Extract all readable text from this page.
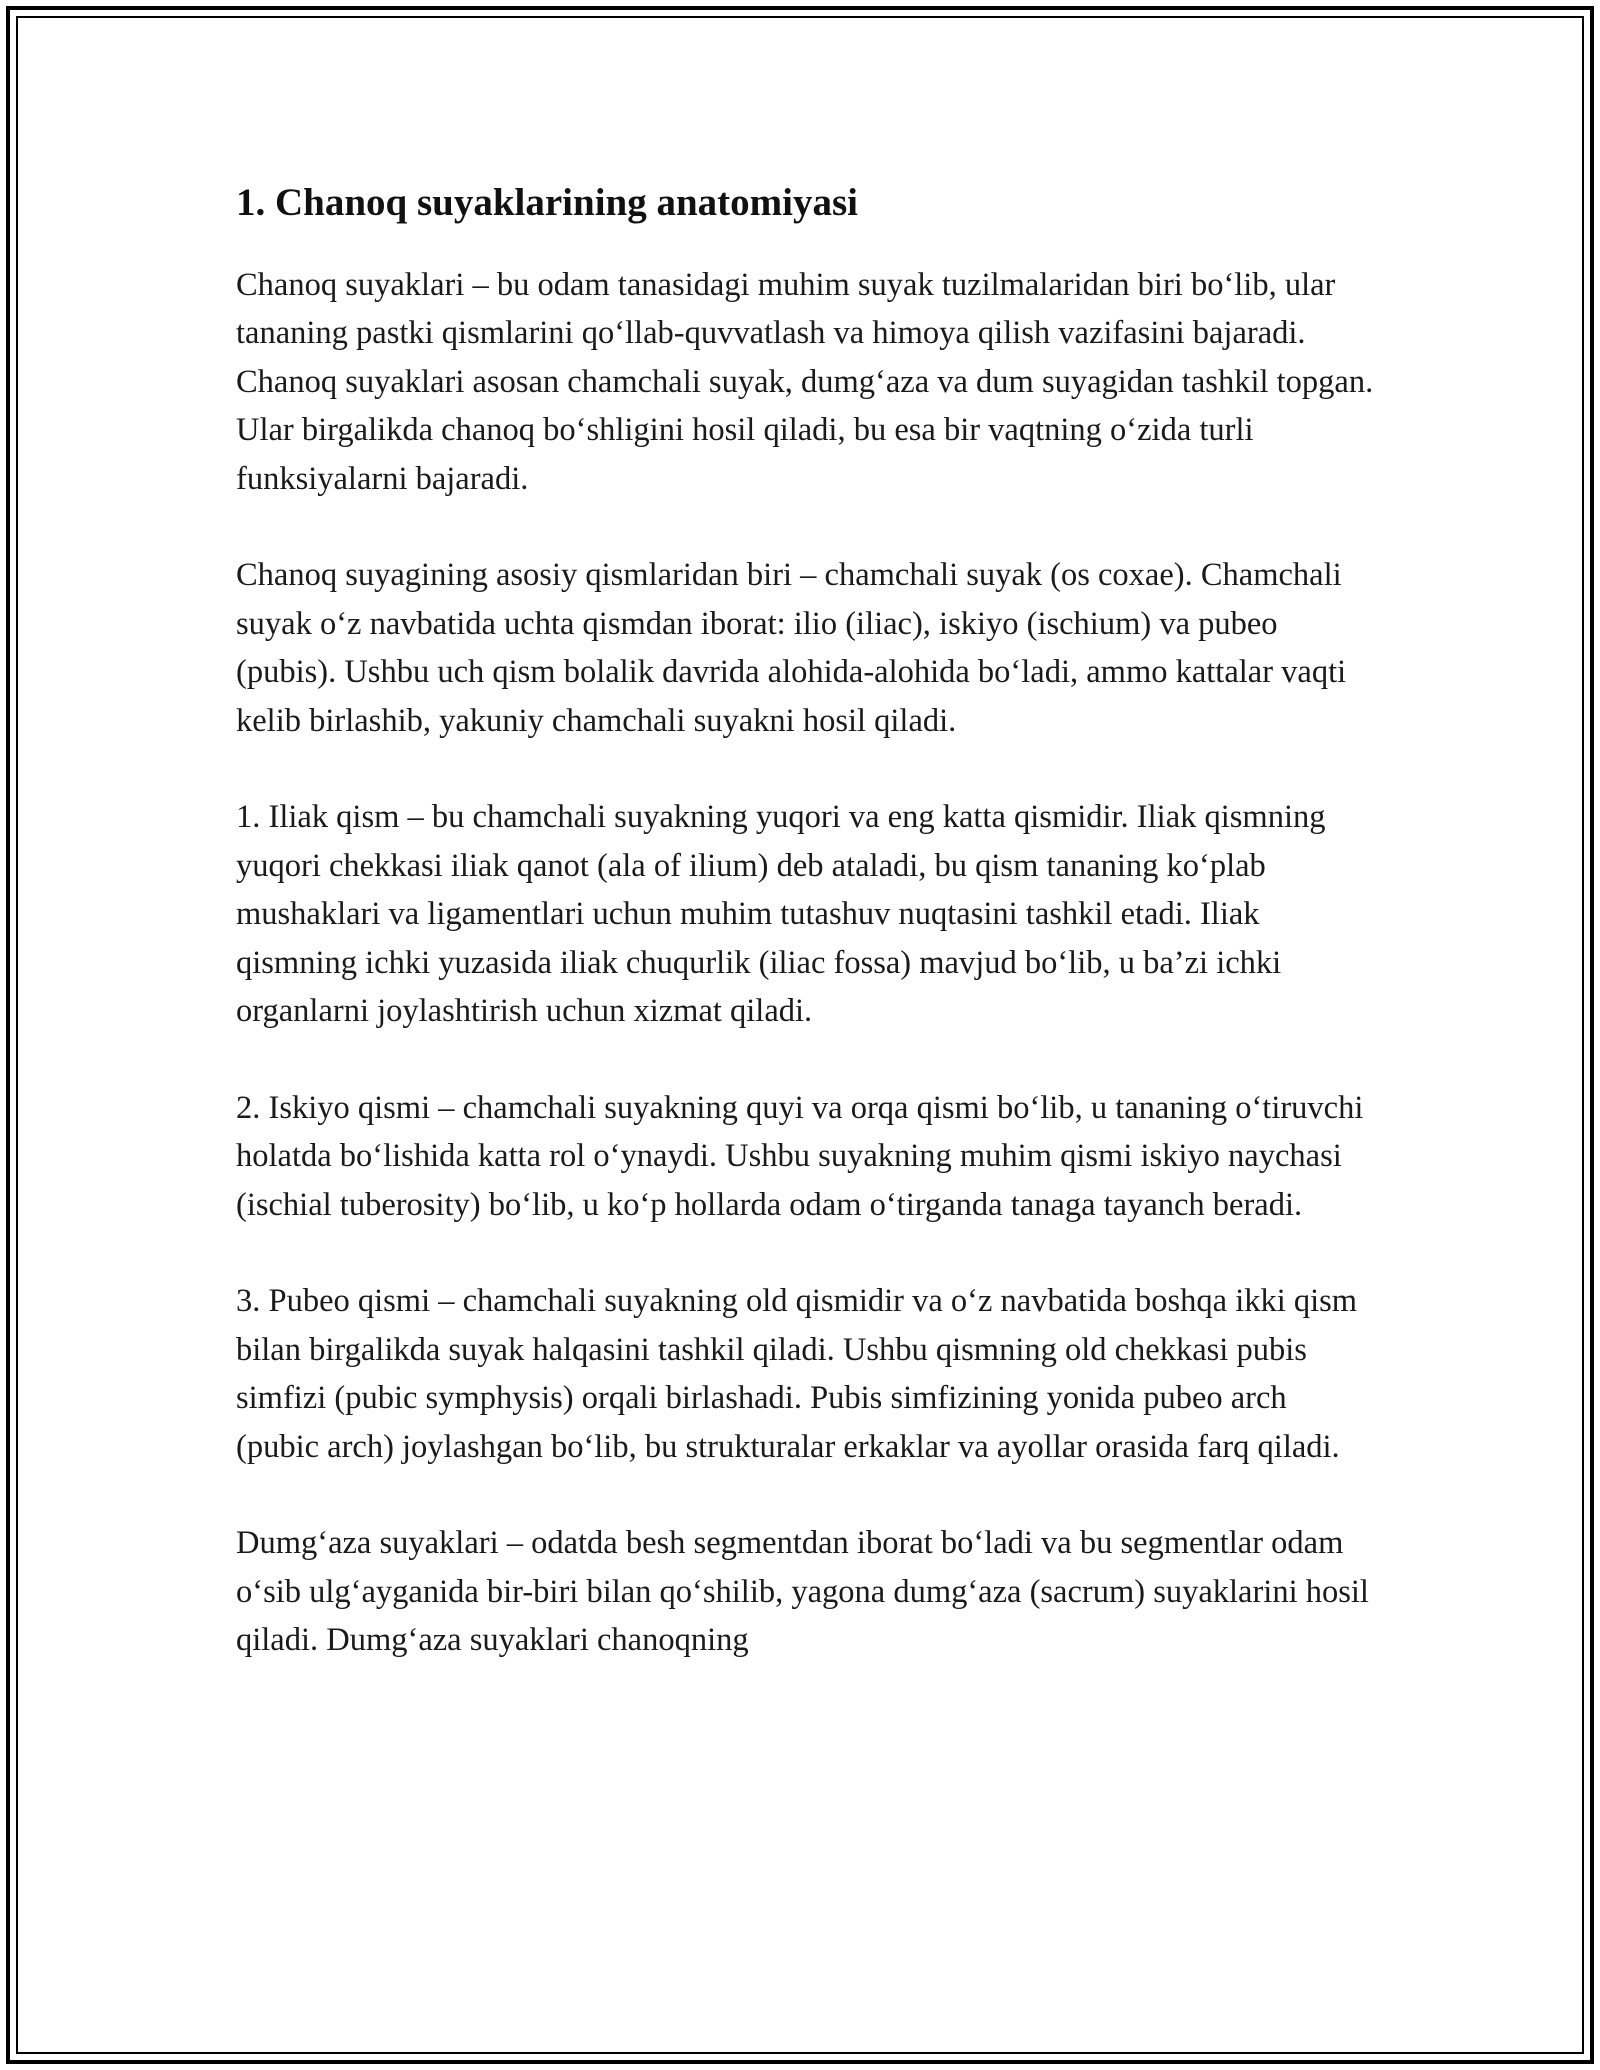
1. Chanoq suyaklarining anatomiyasi

Chanoq suyaklari – bu odam tanasidagi muhim suyak tuzilmalaridan biri bo‘lib, ular tananing pastki qismlarini qo‘llab-quvvatlash va himoya qilish vazifasini bajaradi. Chanoq suyaklari asosan chamchali suyak, dumg‘aza va dum suyagidan tashkil topgan. Ular birgalikda chanoq bo‘shligini hosil qiladi, bu esa bir vaqtning o‘zida turli funksiyalarni bajaradi.

Chanoq suyagining asosiy qismlaridan biri – chamchali suyak (os coxae). Chamchali suyak o‘z navbatida uchta qismdan iborat: ilio (iliac), iskiyo (ischium) va pubeo (pubis). Ushbu uch qism bolalik davrida alohida-alohida bo‘ladi, ammo kattalar vaqti kelib birlashib, yakuniy chamchali suyakni hosil qiladi.

1. Iliak qism – bu chamchali suyakning yuqori va eng katta qismidir. Iliak qismning yuqori chekkasi iliak qanot (ala of ilium) deb ataladi, bu qism tananing ko‘plab mushaklari va ligamentlari uchun muhim tutashuv nuqtasini tashkil etadi. Iliak qismning ichki yuzasida iliak chuqurlik (iliac fossa) mavjud bo‘lib, u ba’zi ichki organlarni joylashtirish uchun xizmat qiladi.

2. Iskiyo qismi – chamchali suyakning quyi va orqa qismi bo‘lib, u tananing o‘tiruvchi holatda bo‘lishida katta rol o‘ynaydi. Ushbu suyakning muhim qismi iskiyo naychasi (ischial tuberosity) bo‘lib, u ko‘p hollarda odam o‘tirganda tanaga tayanch beradi.

3. Pubeo qismi – chamchali suyakning old qismidir va o‘z navbatida boshqa ikki qism bilan birgalikda suyak halqasini tashkil qiladi. Ushbu qismning old chekkasi pubis simfizi (pubic symphysis) orqali birlashadi. Pubis simfizining yonida pubeo arch (pubic arch) joylashgan bo‘lib, bu strukturalar erkaklar va ayollar orasida farq qiladi.

Dumg‘aza suyaklari – odatda besh segmentdan iborat bo‘ladi va bu segmentlar odam o‘sib ulg‘ayganida bir-biri bilan qo‘shilib, yagona dumg‘aza (sacrum) suyaklarini hosil qiladi. Dumg‘aza suyaklari chanoqning
